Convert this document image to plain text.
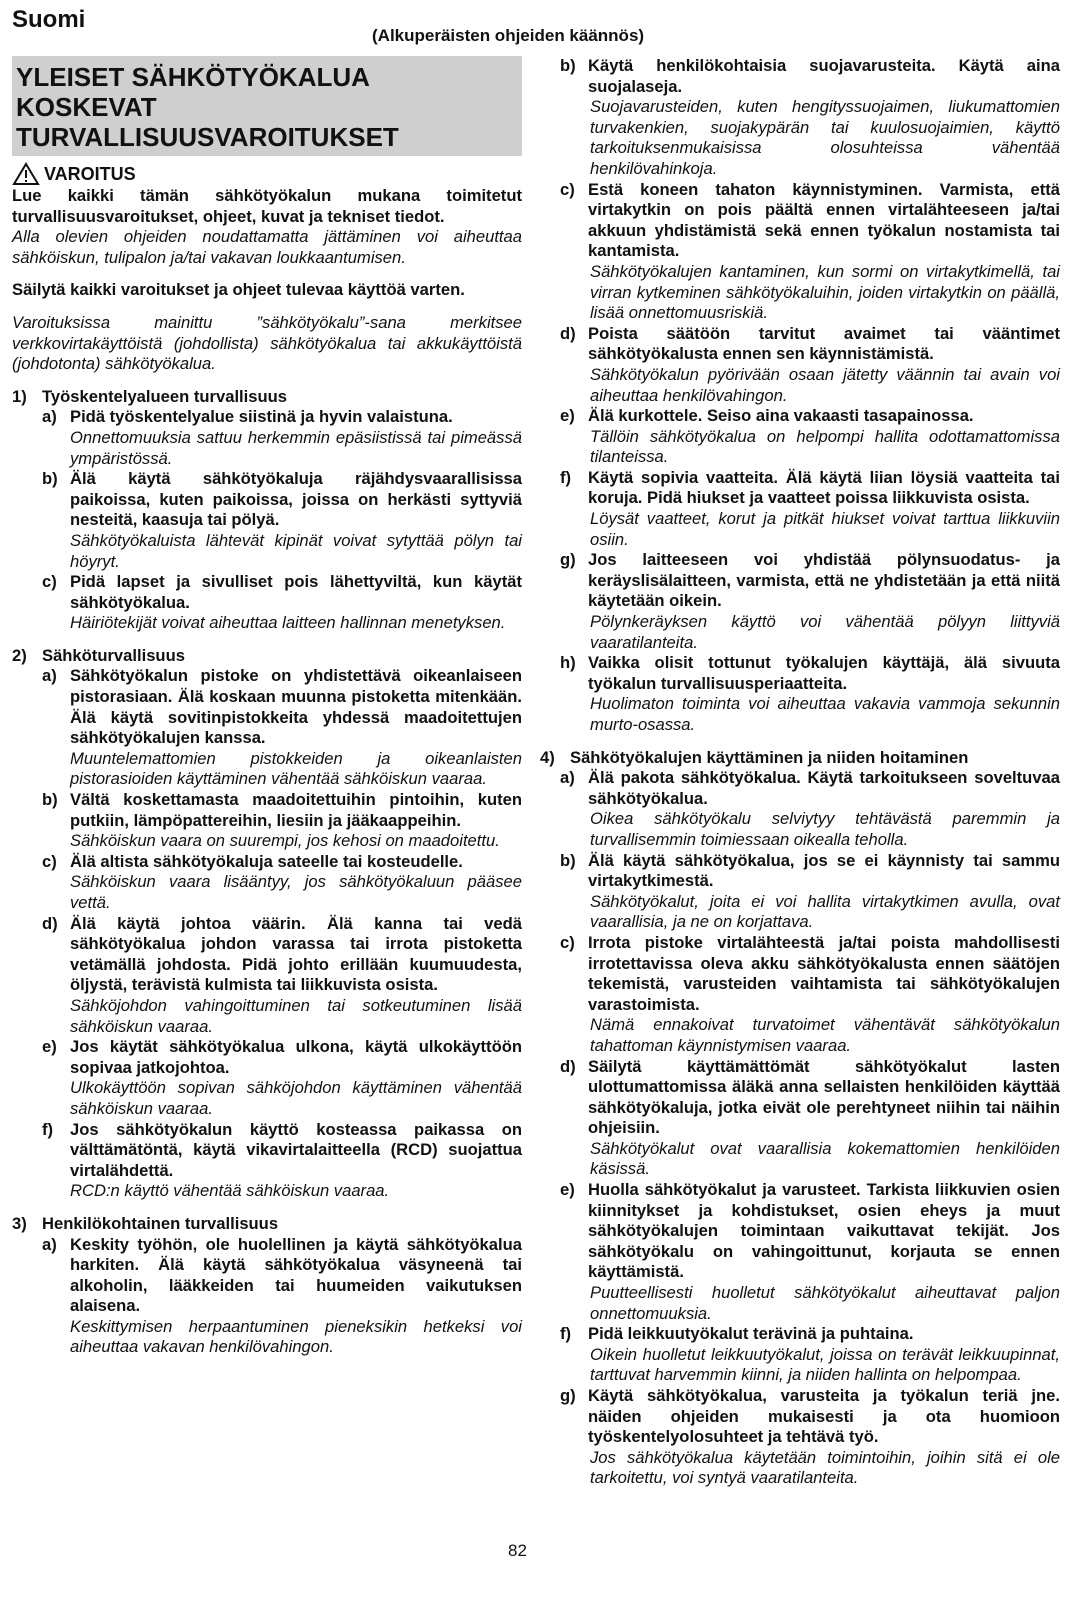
Suomi
(Alkuperäisten ohjeiden käännös)
YLEISET SÄHKÖTYÖKALUA KOSKEVAT TURVALLISUUSVAROITUKSET
VAROITUS

Lue kaikki tämän sähkötyökalun mukana toimitetut turvallisuusvaroitukset, ohjeet, kuvat ja tekniset tiedot.

Alla olevien ohjeiden noudattamatta jättäminen voi aiheuttaa sähköiskun, tulipalon ja/tai vakavan loukkaantumisen.

Säilytä kaikki varoitukset ja ohjeet tulevaa käyttöä varten.

Varoituksissa mainittu ”sähkötyökalu”-sana merkitsee verkkovirtakäyttöistä (johdollista) sähkötyökalua tai akkukäyttöistä (johdotonta) sähkötyökalua.

1) Työskentelyalueen turvallisuus
a) Pidä työskentelyalue siistinä ja hyvin valaistuna.

Onnettomuuksia sattuu herkemmin epäsiistissä tai pimeässä ympäristössä.

b) Älä käytä sähkötyökaluja räjähdysvaarallisissa paikoissa, kuten paikoissa, joissa on herkästi syttyviä nesteitä, kaasuja tai pölyä.

Sähkötyökaluista lähtevät kipinät voivat sytyttää pölyn tai höyryt.

c) Pidä lapset ja sivulliset pois lähettyviltä, kun käytät sähkötyökalua.

Häiriötekijät voivat aiheuttaa laitteen hallinnan menetyksen.

2) Sähköturvallisuus
a) Sähkötyökalun pistoke on yhdistettävä oikeanlaiseen pistorasiaan. Älä koskaan muunna pistoketta mitenkään. Älä käytä sovitinpistokkeita yhdessä maadoitettujen sähkötyökalujen kanssa.

Muuntelemattomien pistokkeiden ja oikeanlaisten pistorasioiden käyttäminen vähentää sähköiskun vaaraa.

b) Vältä koskettamasta maadoitettuihin pintoihin, kuten putkiin, lämpöpattereihin, liesiin ja jääkaappeihin.

Sähköiskun vaara on suurempi, jos kehosi on maadoitettu.

c) Älä altista sähkötyökaluja sateelle tai kosteudelle.

Sähköiskun vaara lisääntyy, jos sähkötyökaluun pääsee vettä.

d) Älä käytä johtoa väärin. Älä kanna tai vedä sähkötyökalua johdon varassa tai irrota pistoketta vetämällä johdosta. Pidä johto erillään kuumuudesta, öljystä, terävistä kulmista tai liikkuvista osista.

Sähköjohdon vahingoittuminen tai sotkeutuminen lisää sähköiskun vaaraa.

e) Jos käytät sähkötyökalua ulkona, käytä ulkokäyttöön sopivaa jatkojohtoa.

Ulkokäyttöön sopivan sähköjohdon käyttäminen vähentää sähköiskun vaaraa.

f)	Jos sähkötyökalun käyttö kosteassa paikassa on välttämätöntä, käytä vikavirtalaitteella (RCD) suojattua virtalähdettä.

RCD:n käyttö vähentää sähköiskun vaaraa.

3) Henkilökohtainen turvallisuus
a) Keskity työhön, ole huolellinen ja käytä sähkötyökalua harkiten. Älä käytä sähkötyökalua väsyneenä tai alkoholin, lääkkeiden tai huumeiden vaikutuksen alaisena.

Keskittymisen herpaantuminen pieneksikin hetkeksi voi aiheuttaa vakavan henkilövahingon.

b) Käytä henkilökohtaisia suojavarusteita. Käytä aina suojalaseja.

Suojavarusteiden, kuten hengityssuojaimen, liukumattomien turvakenkien, suojakypärän tai kuulosuojaimien, käyttö tarkoituksenmukaisissa olosuhteissa vähentää henkilövahinkoja.

c) Estä koneen tahaton käynnistyminen. Varmista, että virtakytkin on pois päältä ennen virtalähteeseen ja/tai akkuun yhdistämistä sekä ennen työkalun nostamista tai kantamista.

Sähkötyökalujen kantaminen, kun sormi on virtakytkimellä, tai virran kytkeminen sähkötyökaluihin, joiden virtakytkin on päällä, lisää onnettomuusriskiä.

d) Poista säätöön tarvitut avaimet tai vääntimet sähkötyökalusta ennen sen käynnistämistä.

Sähkötyökalun pyörivään osaan jätetty väännin tai avain voi aiheuttaa henkilövahingon.

e) Älä kurkottele. Seiso aina vakaasti tasapainossa.

Tällöin sähkötyökalua on helpompi hallita odottamattomissa tilanteissa.

f)	Käytä sopivia vaatteita. Älä käytä liian löysiä vaatteita tai koruja. Pidä hiukset ja vaatteet poissa liikkuvista osista.

Löysät vaatteet, korut ja pitkät hiukset voivat tarttua liikkuviin osiin.

g) Jos laitteeseen voi yhdistää pölynsuodatus- ja keräyslisälaitteen, varmista, että ne yhdistetään ja että niitä käytetään oikein.

Pölynkeräyksen käyttö voi vähentää pölyyn liittyviä vaaratilanteita.

h) Vaikka olisit tottunut työkalujen käyttäjä, älä sivuuta työkalun turvallisuusperiaatteita.

Huolimaton toiminta voi aiheuttaa vakavia vammoja sekunnin murto-osassa.

4) Sähkötyökalujen käyttäminen ja niiden hoitaminen
a) Älä pakota sähkötyökalua. Käytä tarkoitukseen soveltuvaa sähkötyökalua.

Oikea sähkötyökalu selviytyy tehtävästä paremmin ja turvallisemmin toimiessaan oikealla teholla.

b) Älä käytä sähkötyökalua, jos se ei käynnisty tai sammu virtakytkimestä.

Sähkötyökalut, joita ei voi hallita virtakytkimen avulla, ovat vaarallisia, ja ne on korjattava.

c) Irrota pistoke virtalähteestä ja/tai poista mahdollisesti irrotettavissa oleva akku sähkötyökalusta ennen säätöjen tekemistä, varusteiden vaihtamista tai sähkötyökalujen varastoimista.

Nämä ennakoivat turvatoimet vähentävät sähkötyökalun tahattoman käynnistymisen vaaraa.

d) Säilytä käyttämättömät sähkötyökalut lasten ulottumattomissa äläkä anna sellaisten henkilöiden käyttää sähkötyökaluja, jotka eivät ole perehtyneet niihin tai näihin ohjeisiin.

Sähkötyökalut ovat vaarallisia kokemattomien henkilöiden käsissä.

e) Huolla sähkötyökalut ja varusteet. Tarkista liikkuvien osien kiinnitykset ja kohdistukset, osien eheys ja muut sähkötyökalujen toimintaan vaikuttavat tekijät. Jos sähkötyökalu on vahingoittunut, korjauta se ennen käyttämistä.

Puutteellisesti huolletut sähkötyökalut aiheuttavat paljon onnettomuuksia.

f)	Pidä leikkuutyökalut terävinä ja puhtaina.

Oikein huolletut leikkuutyökalut, joissa on terävät leikkuupinnat, tarttuvat harvemmin kiinni, ja niiden hallinta on helpompaa.

g) Käytä sähkötyökalua, varusteita ja työkalun teriä jne. näiden ohjeiden mukaisesti ja ota huomioon työskentelyolosuhteet ja tehtävä työ.

Jos sähkötyökalua käytetään toimintoihin, joihin sitä ei ole tarkoitettu, voi syntyä vaaratilanteita.

82
